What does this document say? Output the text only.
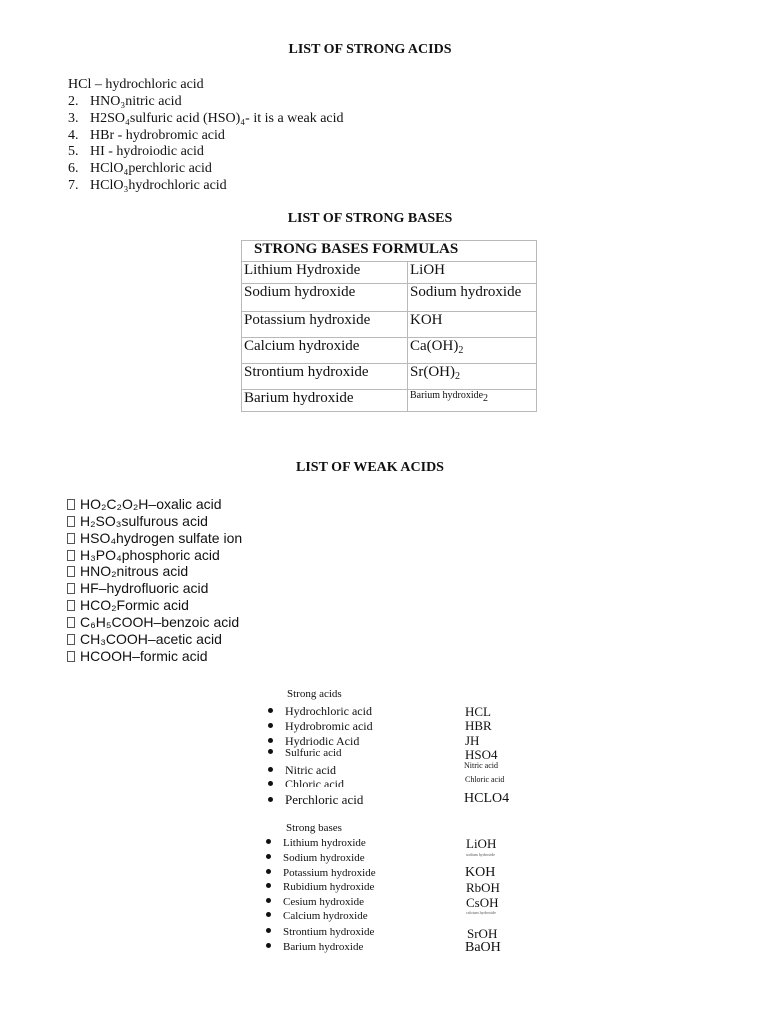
LIST OF STRONG ACIDS
HCl – hydrochloric acid
2. HNO₃nitric acid
3. H2SO₄sulfuric acid (HSO)₄- it is a weak acid
4. HBr - hydrobromic acid
5. HI - hydroiodic acid
6. HClO₄perchloric acid
7. HClO₃hydrochloric acid
LIST OF STRONG BASES
STRONG BASES FORMULAS	
Lithium Hydroxide	LiOH
Sodium hydroxide	Sodium hydroxide
Potassium hydroxide	KOH
Calcium hydroxide	$Ca(OH)_2$
Strontium hydroxide	$Sr(OH)_2$
Barium hydroxide	Barium hydroxide2
LIST OF WEAK ACIDS
HO₂C₂O₂H–oxalic acid
H₂SO₃sulfurous acid
HSO₄hydrogen sulfate ion
H₃PO₄phosphoric acid
HNO₂nitrous acid
HF–hydrofluoric acid
HCO₂Formic acid
C₆H₅COOH–benzoic acid
CH₃COOH–acetic acid
HCOOH–formic acid
Strong acids
Hydrochloric acid	HCL
Hydrobromic acid	HBR
Hydriodic Acid	JH
Sulfuric acid	HSO4
Nitric acid	Nitric acid
Chloric acid	Chloric acid
Perchloric acid	HCLO4
Strong bases
Lithium hydroxide	LiOH
Sodium hydroxide	sodium hydroxide
Potassium hydroxide	KOH
Rubidium hydroxide	RbOH
Cesium hydroxide	CsOH
Calcium hydroxide	calcium hydroxide
Strontium hydroxide	SrOH
Barium hydroxide	BaOH
